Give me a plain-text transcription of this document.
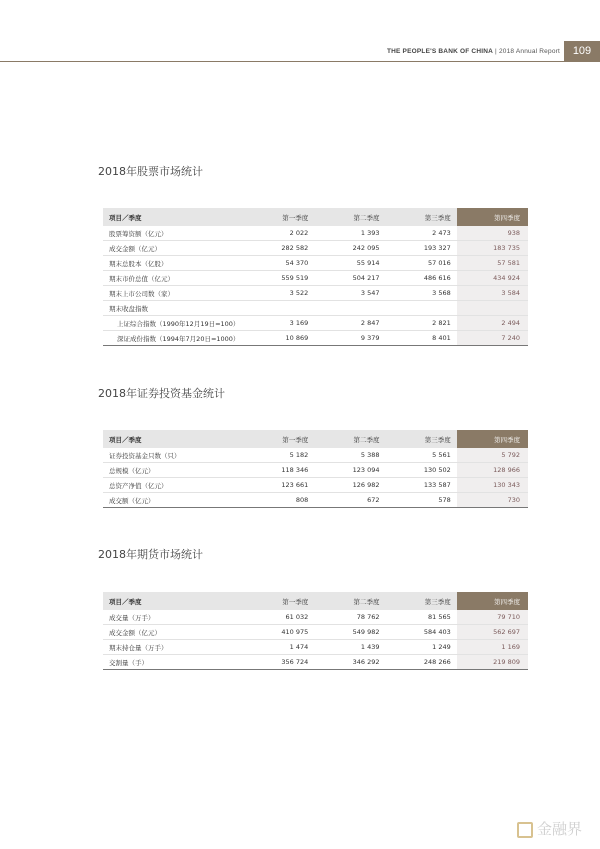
THE PEOPLE'S BANK OF CHINA | 2018 Annual Report	109
2018年股票市场统计
项目／季度	第一季度	第二季度	第三季度	第四季度
股票筹资额（亿元）	2 022	1 393	2 473	938
成交金额（亿元）	282 582	242 095	193 327	183 735
期末总股本（亿股）	54 370	55 914	57 016	57 581
期末市价总值（亿元）	559 519	504 217	486 616	434 924
期末上市公司数（家）	3 522	3 547	3 568	3 584
期末收盘指数				
上证综合指数（1990年12月19日=100）	3 169	2 847	2 821	2 494
深证成份指数（1994年7月20日=1000）	10 869	9 379	8 401	7 240
2018年证券投资基金统计
项目／季度	第一季度	第二季度	第三季度	第四季度
证券投资基金只数（只）	5 182	5 388	5 561	5 792
总规模（亿元）	118 346	123 094	130 502	128 966
总资产净值（亿元）	123 661	126 982	133 587	130 343
成交额（亿元）	808	672	578	730
2018年期货市场统计
项目／季度	第一季度	第二季度	第三季度	第四季度
成交量（万手）	61 032	78 762	81 565	79 710
成交金额（亿元）	410 975	549 982	584 403	562 697
期末持仓量（万手）	1 474	1 439	1 249	1 169
交割量（手）	356 724	346 292	248 266	219 809
金融界
